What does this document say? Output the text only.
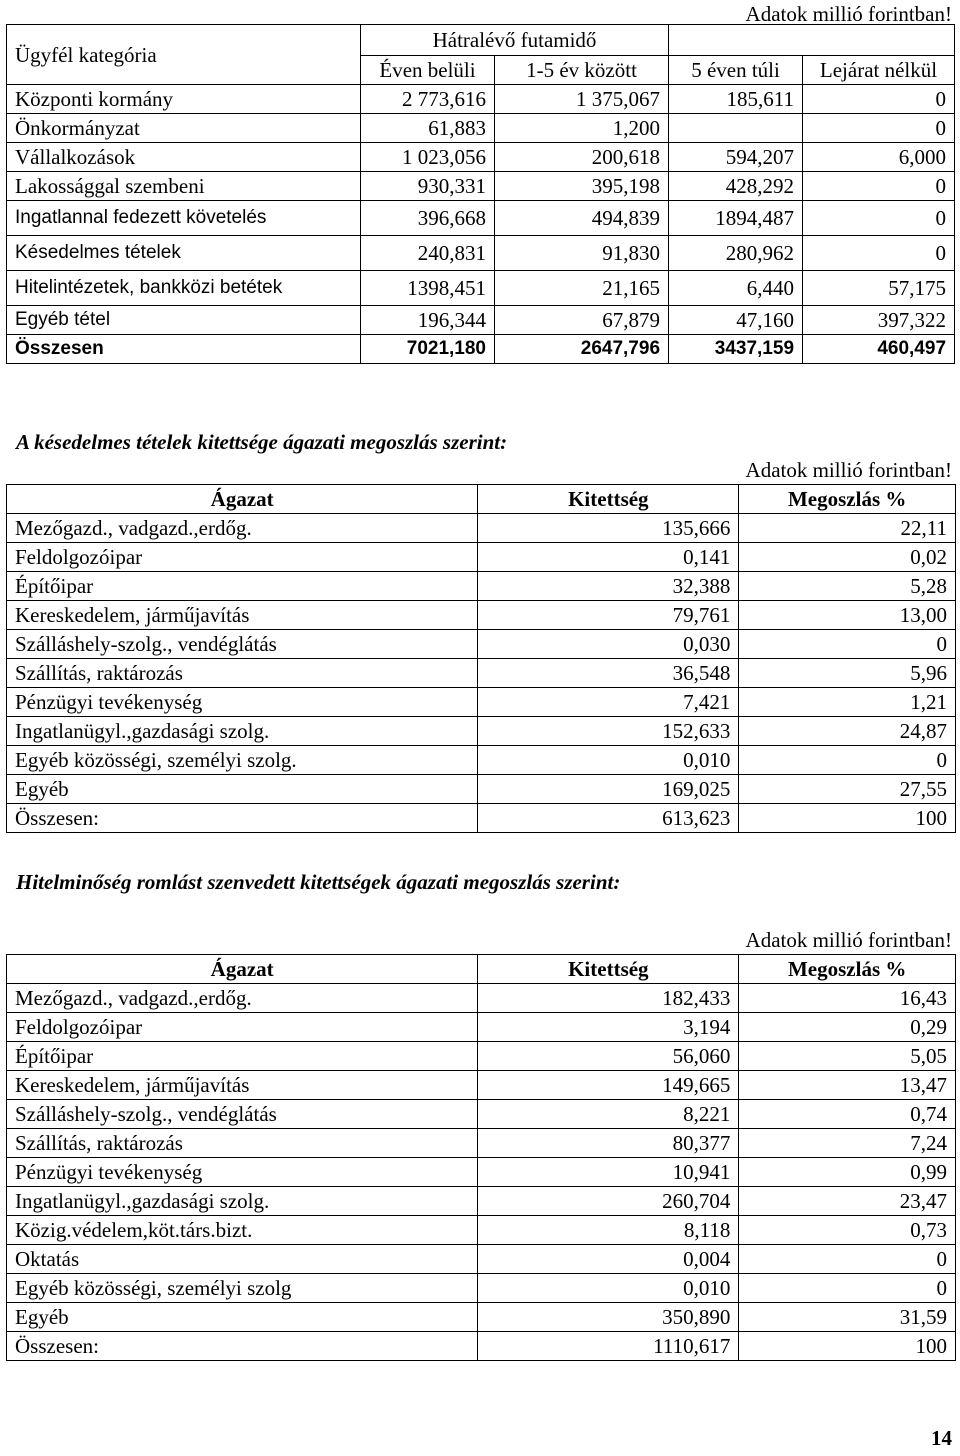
Adatok millió forintban!
Ügyfél kategória	Hátralévő futamidő			
	Éven belüli	1-5 év között	5 éven túli	Lejárat nélkül
Központi kormány	2 773,616	1 375,067	185,611	0
Önkormányzat	61,883	1,200		0
Vállalkozások	1 023,056	200,618	594,207	6,000
Lakossággal szembeni	930,331	395,198	428,292	0
Ingatlannal fedezett követelés	396,668	494,839	1894,487	0
Késedelmes tételek	240,831	91,830	280,962	0
Hitelintézetek, bankközi betétek	1398,451	21,165	6,440	57,175
Egyéb tétel	196,344	67,879	47,160	397,322
Összesen	7021,180	2647,796	3437,159	460,497
A késedelmes tételek kitettsége ágazati megoszlás szerint:
Adatok millió forintban!
Ágazat	Kitettség	Megoszlás %
Mezőgazd., vadgazd.,erdőg.	135,666	22,11
Feldolgozóipar	0,141	0,02
Építőipar	32,388	5,28
Kereskedelem, járműjavítás	79,761	13,00
Szálláshely-szolg., vendéglátás	0,030	0
Szállítás, raktározás	36,548	5,96
Pénzügyi tevékenység	7,421	1,21
Ingatlanügyl.,gazdasági szolg.	152,633	24,87
Egyéb közösségi, személyi szolg.	0,010	0
Egyéb	169,025	27,55
Összesen:	613,623	100
Hitelminőség romlást szenvedett kitettségek ágazati megoszlás szerint:
Adatok millió forintban!
Ágazat	Kitettség	Megoszlás %
Mezőgazd., vadgazd.,erdőg.	182,433	16,43
Feldolgozóipar	3,194	0,29
Építőipar	56,060	5,05
Kereskedelem, járműjavítás	149,665	13,47
Szálláshely-szolg., vendéglátás	8,221	0,74
Szállítás, raktározás	80,377	7,24
Pénzügyi tevékenység	10,941	0,99
Ingatlanügyl.,gazdasági szolg.	260,704	23,47
Közig.védelem,köt.társ.bizt.	8,118	0,73
Oktatás	0,004	0
Egyéb közösségi, személyi szolg	0,010	0
Egyéb	350,890	31,59
Összesen:	1110,617	100
14
